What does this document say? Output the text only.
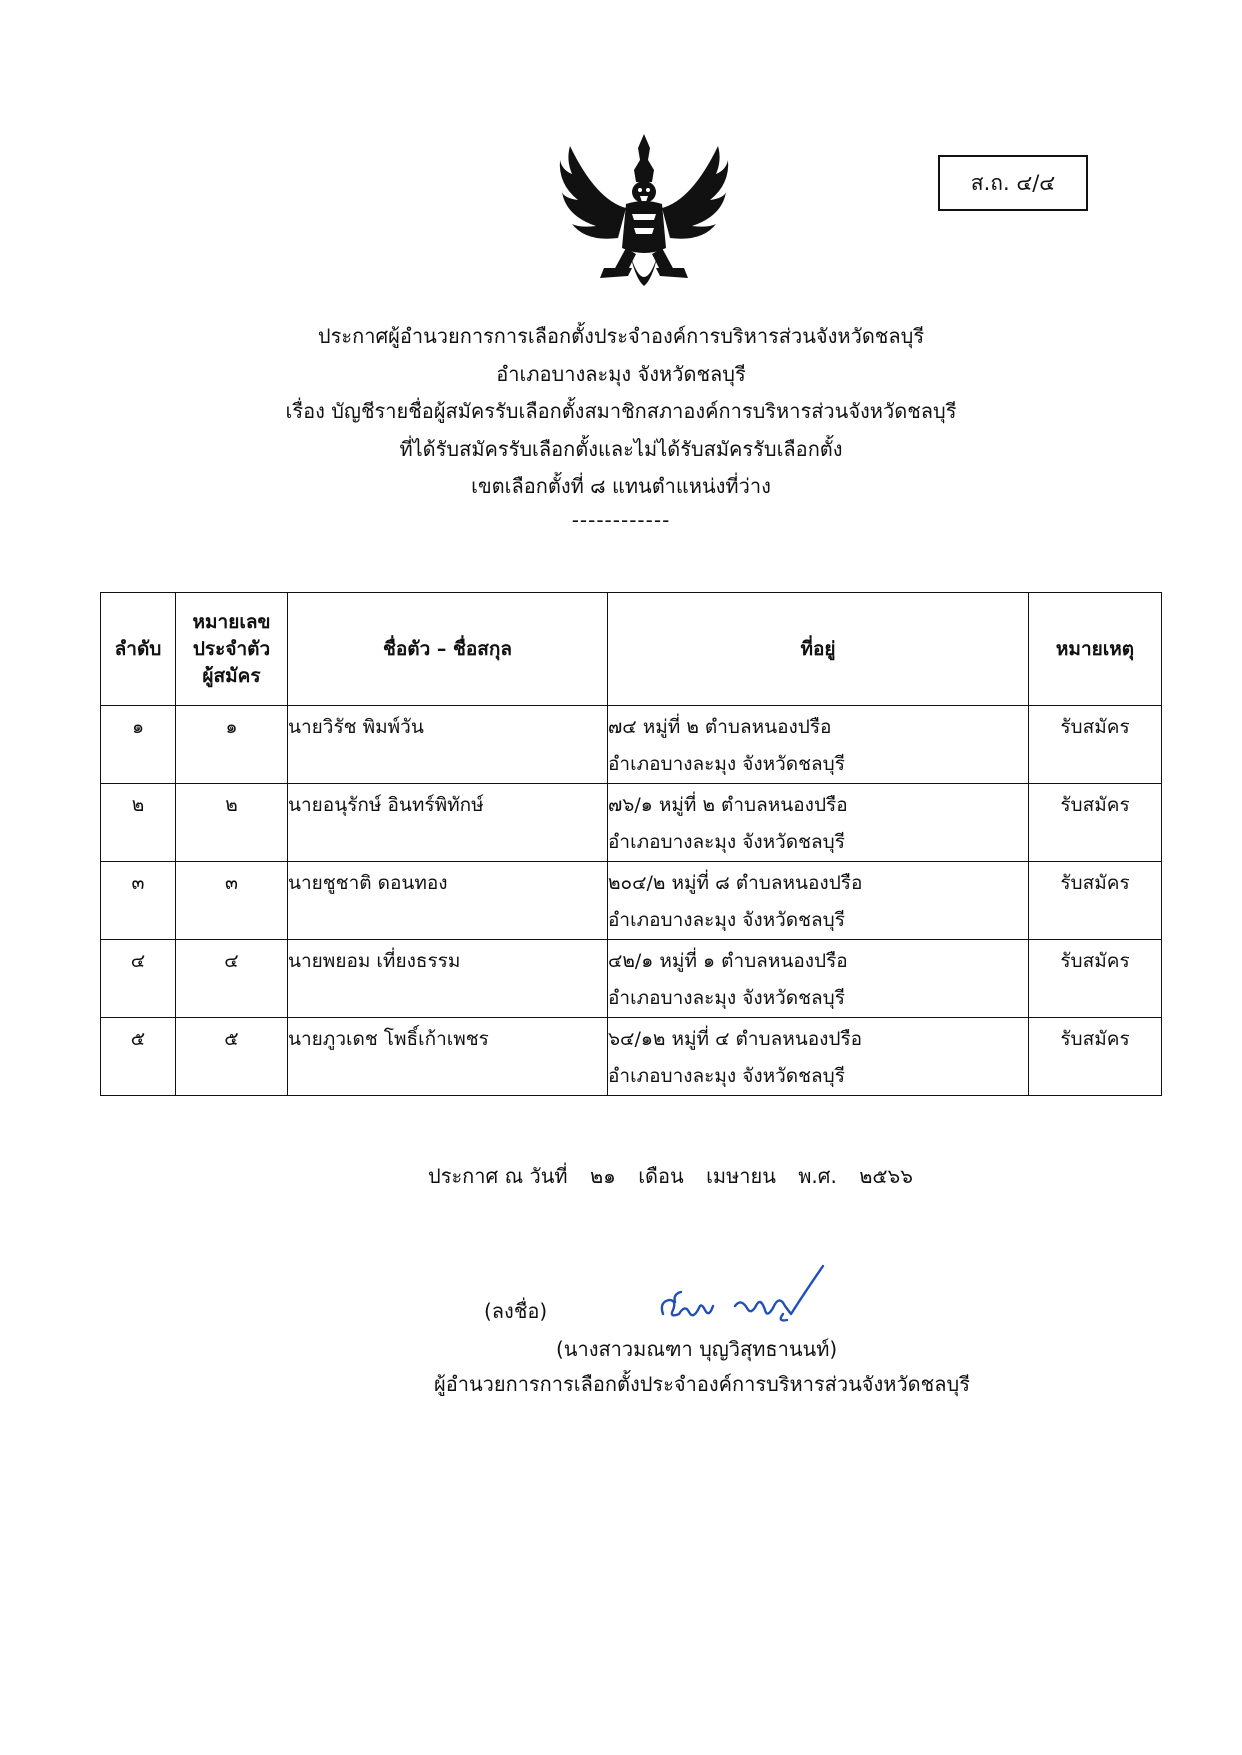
ส.ถ. ๔/๔
ประกาศผู้อำนวยการการเลือกตั้งประจำองค์การบริหารส่วนจังหวัดชลบุรี
อำเภอบางละมุง จังหวัดชลบุรี
เรื่อง บัญชีรายชื่อผู้สมัครรับเลือกตั้งสมาชิกสภาองค์การบริหารส่วนจังหวัดชลบุรี
ที่ได้รับสมัครรับเลือกตั้งและไม่ได้รับสมัครรับเลือกตั้ง
เขตเลือกตั้งที่ ๘ แทนตำแหน่งที่ว่าง
------------
ลำดับ	หมายเลข
ประจำตัว
ผู้สมัคร	ชื่อตัว – ชื่อสกุล	ที่อยู่	หมายเหตุ
๑	๑	นายวิรัช พิมพ์วัน	๗๔ หมู่ที่ ๒ ตำบลหนองปรือ
อำเภอบางละมุง จังหวัดชลบุรี	รับสมัคร
๒	๒	นายอนุรักษ์ อินทร์พิทักษ์	๗๖/๑ หมู่ที่ ๒ ตำบลหนองปรือ
อำเภอบางละมุง จังหวัดชลบุรี	รับสมัคร
๓	๓	นายชูชาติ ดอนทอง	๒๐๔/๒ หมู่ที่ ๘ ตำบลหนองปรือ
อำเภอบางละมุง จังหวัดชลบุรี	รับสมัคร
๔	๔	นายพยอม เที่ยงธรรม	๔๒/๑ หมู่ที่ ๑ ตำบลหนองปรือ
อำเภอบางละมุง จังหวัดชลบุรี	รับสมัคร
๕	๕	นายภูวเดช โพธิ์เก้าเพชร	๖๔/๑๒ หมู่ที่ ๔ ตำบลหนองปรือ
อำเภอบางละมุง จังหวัดชลบุรี	รับสมัคร
ประกาศ ณ วันที่ ๒๑ เดือน เมษายน พ.ศ. ๒๕๖๖
(ลงชื่อ)
(นางสาวมณฑา บุญวิสุทธานนท์)
ผู้อำนวยการการเลือกตั้งประจำองค์การบริหารส่วนจังหวัดชลบุรี
